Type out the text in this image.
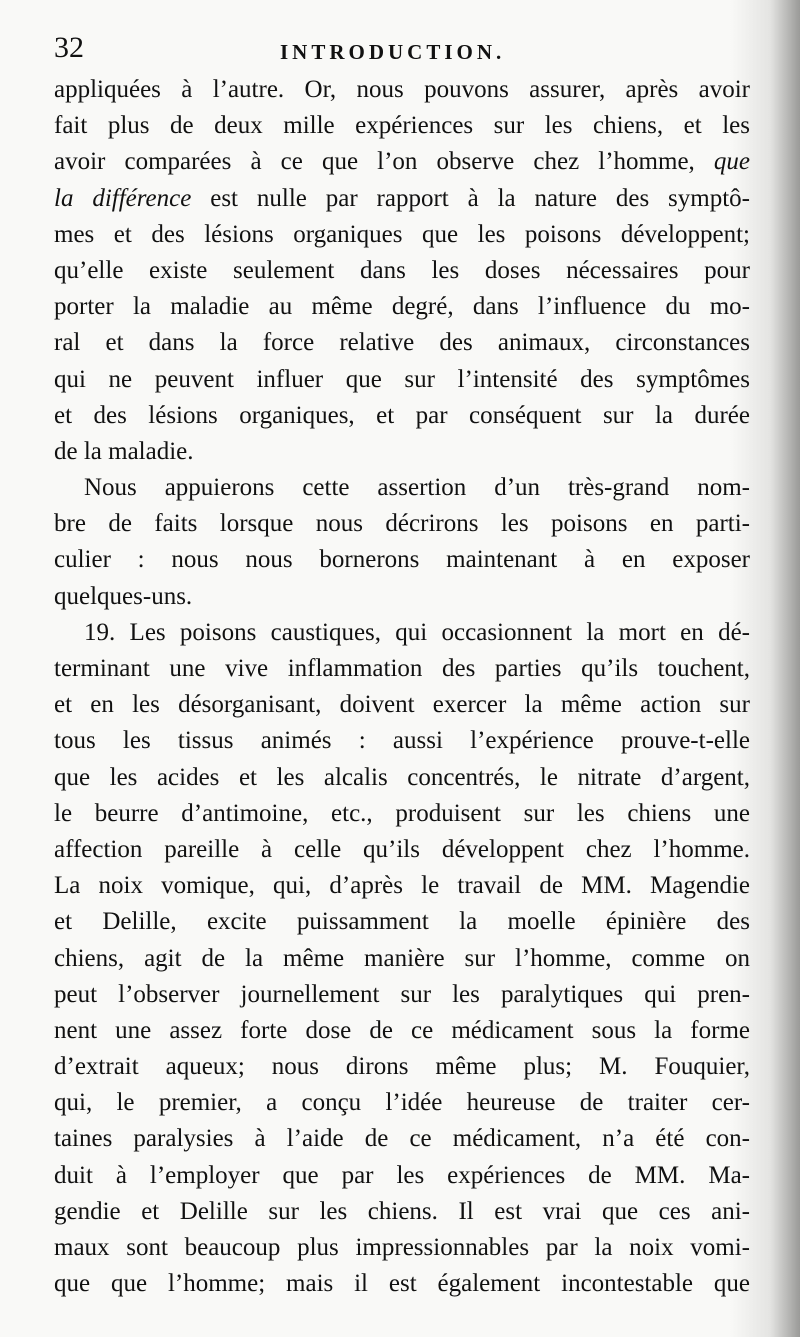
32	INTRODUCTION.
appliquées à l’autre. Or, nous pouvons assurer, après avoir
fait plus de deux mille expériences sur les chiens, et les
avoir comparées à ce que l’on observe chez l’homme, que
la différence est nulle par rapport à la nature des symptô-
mes et des lésions organiques que les poisons développent;
qu’elle existe seulement dans les doses nécessaires pour
porter la maladie au même degré, dans l’influence du mo-
ral et dans la force relative des animaux, circonstances
qui ne peuvent influer que sur l’intensité des symptômes
et des lésions organiques, et par conséquent sur la durée
de la maladie.
Nous appuierons cette assertion d’un très-grand nom-
bre de faits lorsque nous décrirons les poisons en parti-
culier : nous nous bornerons maintenant à en exposer
quelques-uns.
19. Les poisons caustiques, qui occasionnent la mort en dé-
terminant une vive inflammation des parties qu’ils touchent,
et en les désorganisant, doivent exercer la même action sur
tous les tissus animés : aussi l’expérience prouve-t-elle
que les acides et les alcalis concentrés, le nitrate d’argent,
le beurre d’antimoine, etc., produisent sur les chiens une
affection pareille à celle qu’ils développent chez l’homme.
La noix vomique, qui, d’après le travail de MM. Magendie
et Delille, excite puissamment la moelle épinière des
chiens, agit de la même manière sur l’homme, comme on
peut l’observer journellement sur les paralytiques qui pren-
nent une assez forte dose de ce médicament sous la forme
d’extrait aqueux; nous dirons même plus; M. Fouquier,
qui, le premier, a conçu l’idée heureuse de traiter cer-
taines paralysies à l’aide de ce médicament, n’a été con-
duit à l’employer que par les expériences de MM. Ma-
gendie et Delille sur les chiens. Il est vrai que ces ani-
maux sont beaucoup plus impressionnables par la noix vomi-
que que l’homme; mais il est également incontestable que
